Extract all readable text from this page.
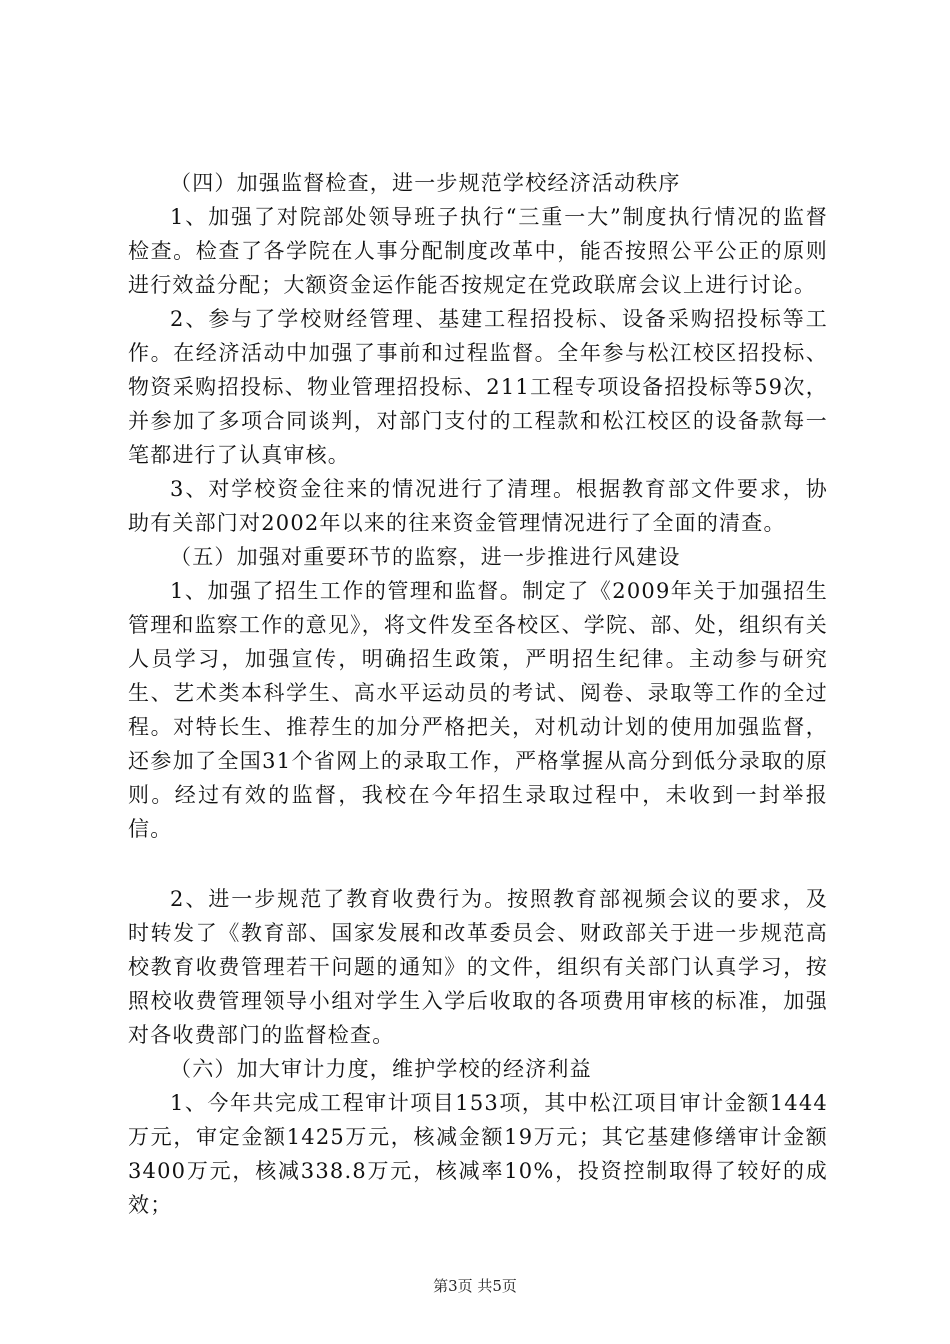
（四）加强监督检查，进一步规范学校经济活动秩序

1、加强了对院部处领导班子执行“三重一大”制度执行情况的监督检查。检查了各学院在人事分配制度改革中，能否按照公平公正的原则进行效益分配；大额资金运作能否按规定在党政联席会议上进行讨论。

2、参与了学校财经管理、基建工程招投标、设备采购招投标等工作。在经济活动中加强了事前和过程监督。全年参与松江校区招投标、物资采购招投标、物业管理招投标、211工程专项设备招投标等59次，并参加了多项合同谈判，对部门支付的工程款和松江校区的设备款每一笔都进行了认真审核。

3、对学校资金往来的情况进行了清理。根据教育部文件要求，协助有关部门对2002年以来的往来资金管理情况进行了全面的清查。

（五）加强对重要环节的监察，进一步推进行风建设

1、加强了招生工作的管理和监督。制定了《2009年关于加强招生管理和监察工作的意见》，将文件发至各校区、学院、部、处，组织有关人员学习，加强宣传，明确招生政策，严明招生纪律。主动参与研究生、艺术类本科学生、高水平运动员的考试、阅卷、录取等工作的全过程。对特长生、推荐生的加分严格把关，对机动计划的使用加强监督，还参加了全国31个省网上的录取工作，严格掌握从高分到低分录取的原则。经过有效的监督，我校在今年招生录取过程中，未收到一封举报信。

2、进一步规范了教育收费行为。按照教育部视频会议的要求，及时转发了《教育部、国家发展和改革委员会、财政部关于进一步规范高校教育收费管理若干问题的通知》的文件，组织有关部门认真学习，按照校收费管理领导小组对学生入学后收取的各项费用审核的标准，加强对各收费部门的监督检查。

（六）加大审计力度，维护学校的经济利益

1、今年共完成工程审计项目153项，其中松江项目审计金额1444万元，审定金额1425万元，核减金额19万元；其它基建修缮审计金额3400万元，核减338.8万元，核减率10%，投资控制取得了较好的成效；

第3页 共5页
